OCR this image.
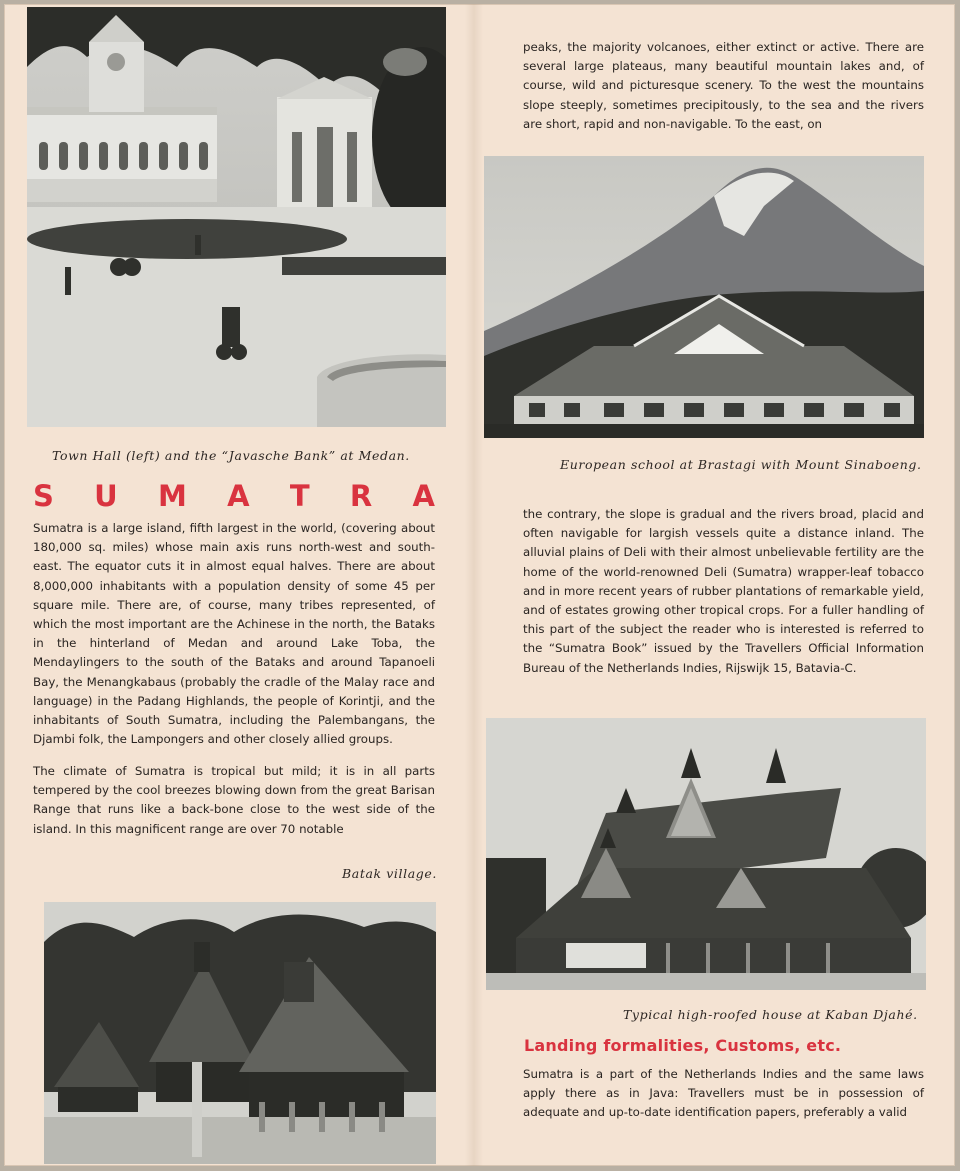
Town Hall (left) and the “Javasche Bank” at Medan.
S U M A T R A

Sumatra is a large island, fifth largest in the world, (covering about 180,000 sq. miles) whose main axis runs north-west and south-east. The equator cuts it in almost equal halves. There are about 8,000,000 inhabitants with a population density of some 45 per square mile. There are, of course, many tribes represented, of which the most important are the Achinese in the north, the Bataks in the hinterland of Medan and around Lake Toba, the Mendaylingers to the south of the Bataks and around Tapanoeli Bay, the Menangkabaus (probably the cradle of the Malay race and language) in the Padang Highlands, the people of Korintji, and the inhabitants of South Sumatra, including the Palembangans, the Djambi folk, the Lampongers and other closely allied groups.

The climate of Sumatra is tropical but mild; it is in all parts tempered by the cool breezes blowing down from the great Barisan Range that runs like a back-bone close to the west side of the island. In this magnificent range are over 70 notable

Batak village.

peaks, the majority volcanoes, either extinct or active. There are several large plateaus, many beautiful mountain lakes and, of course, wild and picturesque scenery. To the west the mountains slope steeply, sometimes precipitously, to the sea and the rivers are short, rapid and non-navigable. To the east, on

European school at Brastagi with Mount Sinaboeng.

the contrary, the slope is gradual and the rivers broad, placid and often navigable for largish vessels quite a distance inland. The alluvial plains of Deli with their almost unbelievable fertility are the home of the world-renowned Deli (Sumatra) wrapper-leaf tobacco and in more recent years of rubber plantations of remarkable yield, and of estates growing other tropical crops. For a fuller handling of this part of the subject the reader who is interested is referred to the “Sumatra Book” issued by the Travellers Official Information Bureau of the Netherlands Indies, Rijswijk 15, Batavia-C.

Typical high-roofed house at Kaban Djahé.
Landing formalities, Customs, etc.

Sumatra is a part of the Netherlands Indies and the same laws apply there as in Java: Travellers must be in possession of adequate and up-to-date identification papers, preferably a valid
